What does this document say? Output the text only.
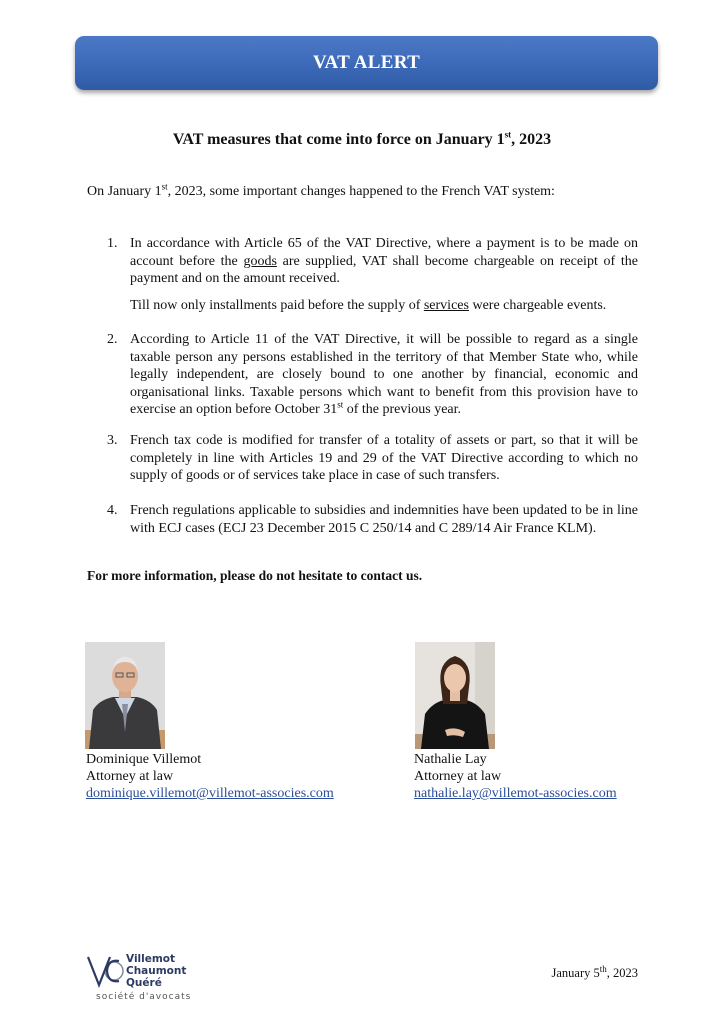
VAT ALERT
VAT measures that come into force on January 1st, 2023
On January 1st, 2023, some important changes happened to the French VAT system:
1. In accordance with Article 65 of the VAT Directive, where a payment is to be made on account before the goods are supplied, VAT shall become chargeable on receipt of the payment and on the amount received.
Till now only installments paid before the supply of services were chargeable events.
2. According to Article 11 of the VAT Directive, it will be possible to regard as a single taxable person any persons established in the territory of that Member State who, while legally independent, are closely bound to one another by financial, economic and organisational links. Taxable persons which want to benefit from this provision have to exercise an option before October 31st of the previous year.
3. French tax code is modified for transfer of a totality of assets or part, so that it will be completely in line with Articles 19 and 29 of the VAT Directive according to which no supply of goods or of services take place in case of such transfers.
4. French regulations applicable to subsidies and indemnities have been updated to be in line with ECJ cases (ECJ 23 December 2015 C 250/14 and C 289/14 Air France KLM).
For more information, please do not hesitate to contact us.
Dominique Villemot
Attorney at law
dominique.villemot@villemot-associes.com
Nathalie Lay
Attorney at law
nathalie.lay@villemot-associes.com
Villemot
Chaumont
Quéré
société d'avocats
January 5th, 2023
